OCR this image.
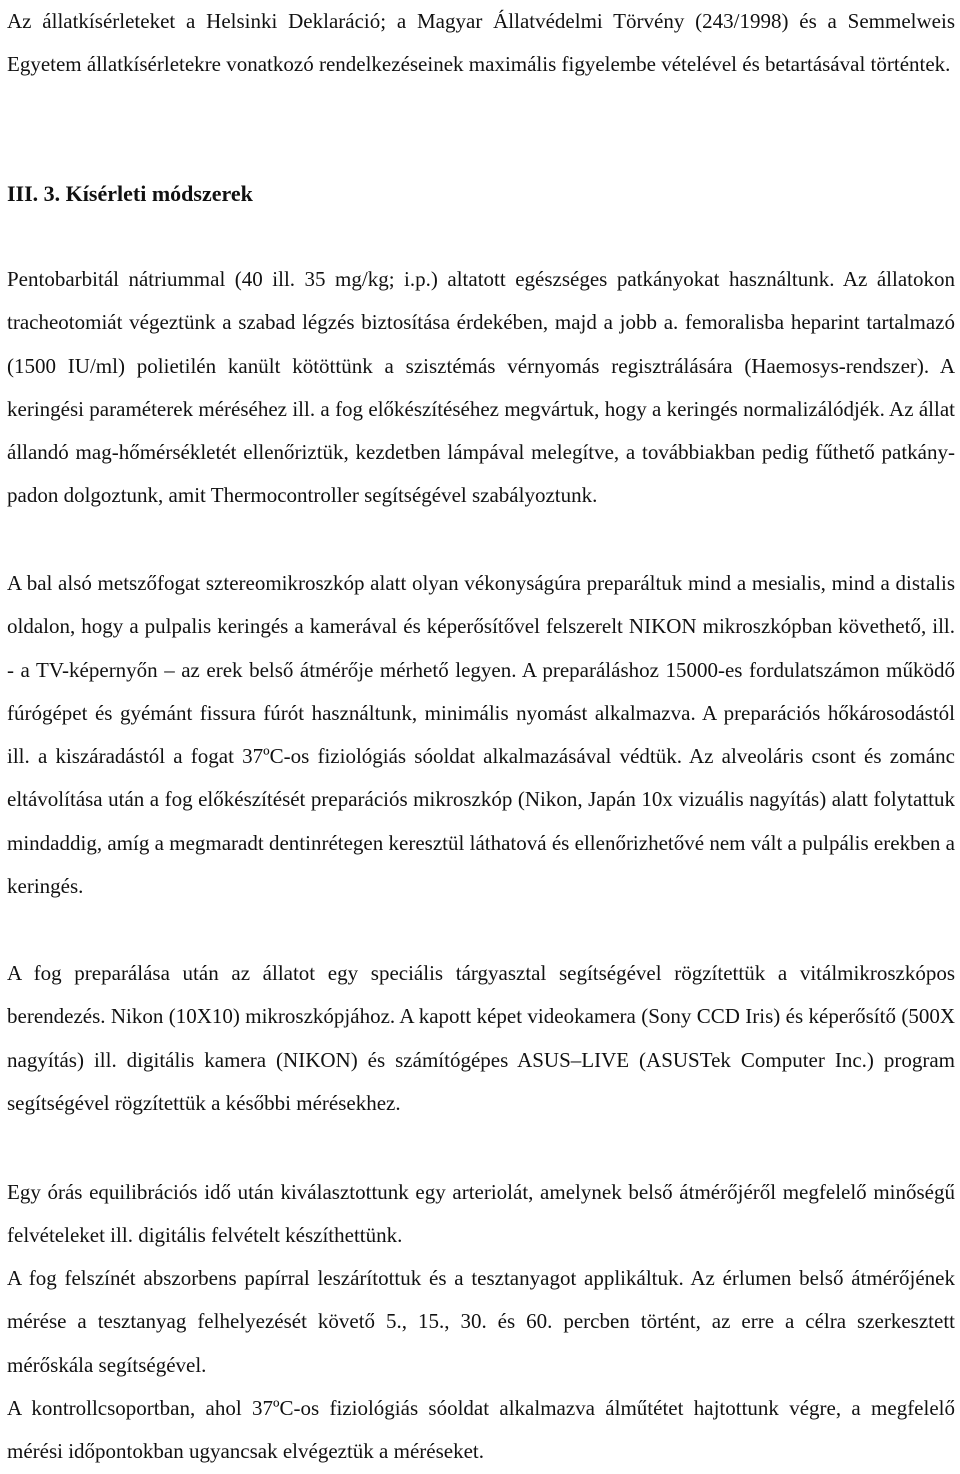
Az állatkísérleteket a Helsinki Deklaráció; a Magyar Állatvédelmi Törvény (243/1998) és a Semmelweis Egyetem állatkísérletekre vonatkozó rendelkezéseinek maximális figyelembe vételével és betartásával történtek.

III. 3. Kísérleti módszerek

Pentobarbitál nátriummal (40 ill. 35 mg/kg; i.p.) altatott egészséges patkányokat használtunk. Az állatokon tracheotomiát végeztünk a szabad légzés biztosítása érdekében, majd a jobb a. femoralisba heparint tartalmazó (1500 IU/ml) polietilén kanült kötöttünk a szisztémás vérnyomás regisztrálására (Haemosys-rendszer). A keringési paraméterek méréséhez ill. a fog előkészítéséhez megvártuk, hogy a keringés normalizálódjék. Az állat állandó mag-hőmérsékletét ellenőriztük, kezdetben lámpával melegítve, a továbbiakban pedig fűthető patkány-padon dolgoztunk, amit Thermocontroller segítségével szabályoztunk.

A bal alsó metszőfogat sztereomikroszkóp alatt olyan vékonyságúra preparáltuk mind a mesialis, mind a distalis oldalon, hogy a pulpalis keringés a kamerával és képerősítővel felszerelt NIKON mikroszkópban követhető, ill. - a TV-képernyőn – az erek belső átmérője mérhető legyen. A preparáláshoz 15000-es fordulatszámon működő fúrógépet és gyémánt fissura fúrót használtunk, minimális nyomást alkalmazva. A preparációs hőkárosodástól ill. a kiszáradástól a fogat 37ºC-os fiziológiás sóoldat alkalmazásával védtük. Az alveoláris csont és zománc eltávolítása után a fog előkészítését preparációs mikroszkóp (Nikon, Japán 10x vizuális nagyítás) alatt folytattuk mindaddig, amíg a megmaradt dentinrétegen keresztül láthatová és ellenőrizhetővé nem vált a pulpális erekben a keringés.

A fog preparálása után az állatot egy speciális tárgyasztal segítségével rögzítettük a vitálmikroszkópos berendezés. Nikon (10X10) mikroszkópjához. A kapott képet videokamera (Sony CCD Iris) és képerősítő (500X nagyítás) ill. digitális kamera (NIKON) és számítógépes ASUS–LIVE (ASUSTek Computer Inc.) program segítségével rögzítettük a későbbi mérésekhez.

Egy órás equilibrációs idő után kiválasztottunk egy arteriolát, amelynek belső átmérőjéről megfelelő minőségű felvételeket ill. digitális felvételt készíthettünk.

A fog felszínét abszorbens papírral leszárítottuk és a tesztanyagot applikáltuk. Az érlumen belső átmérőjének mérése a tesztanyag felhelyezését követő 5., 15., 30. és 60. percben történt, az erre a célra szerkesztett mérőskála segítségével.

A kontrollcsoportban, ahol 37ºC-os fiziológiás sóoldat alkalmazva álműtétet hajtottunk végre, a megfelelő mérési időpontokban ugyancsak elvégeztük a méréseket.
